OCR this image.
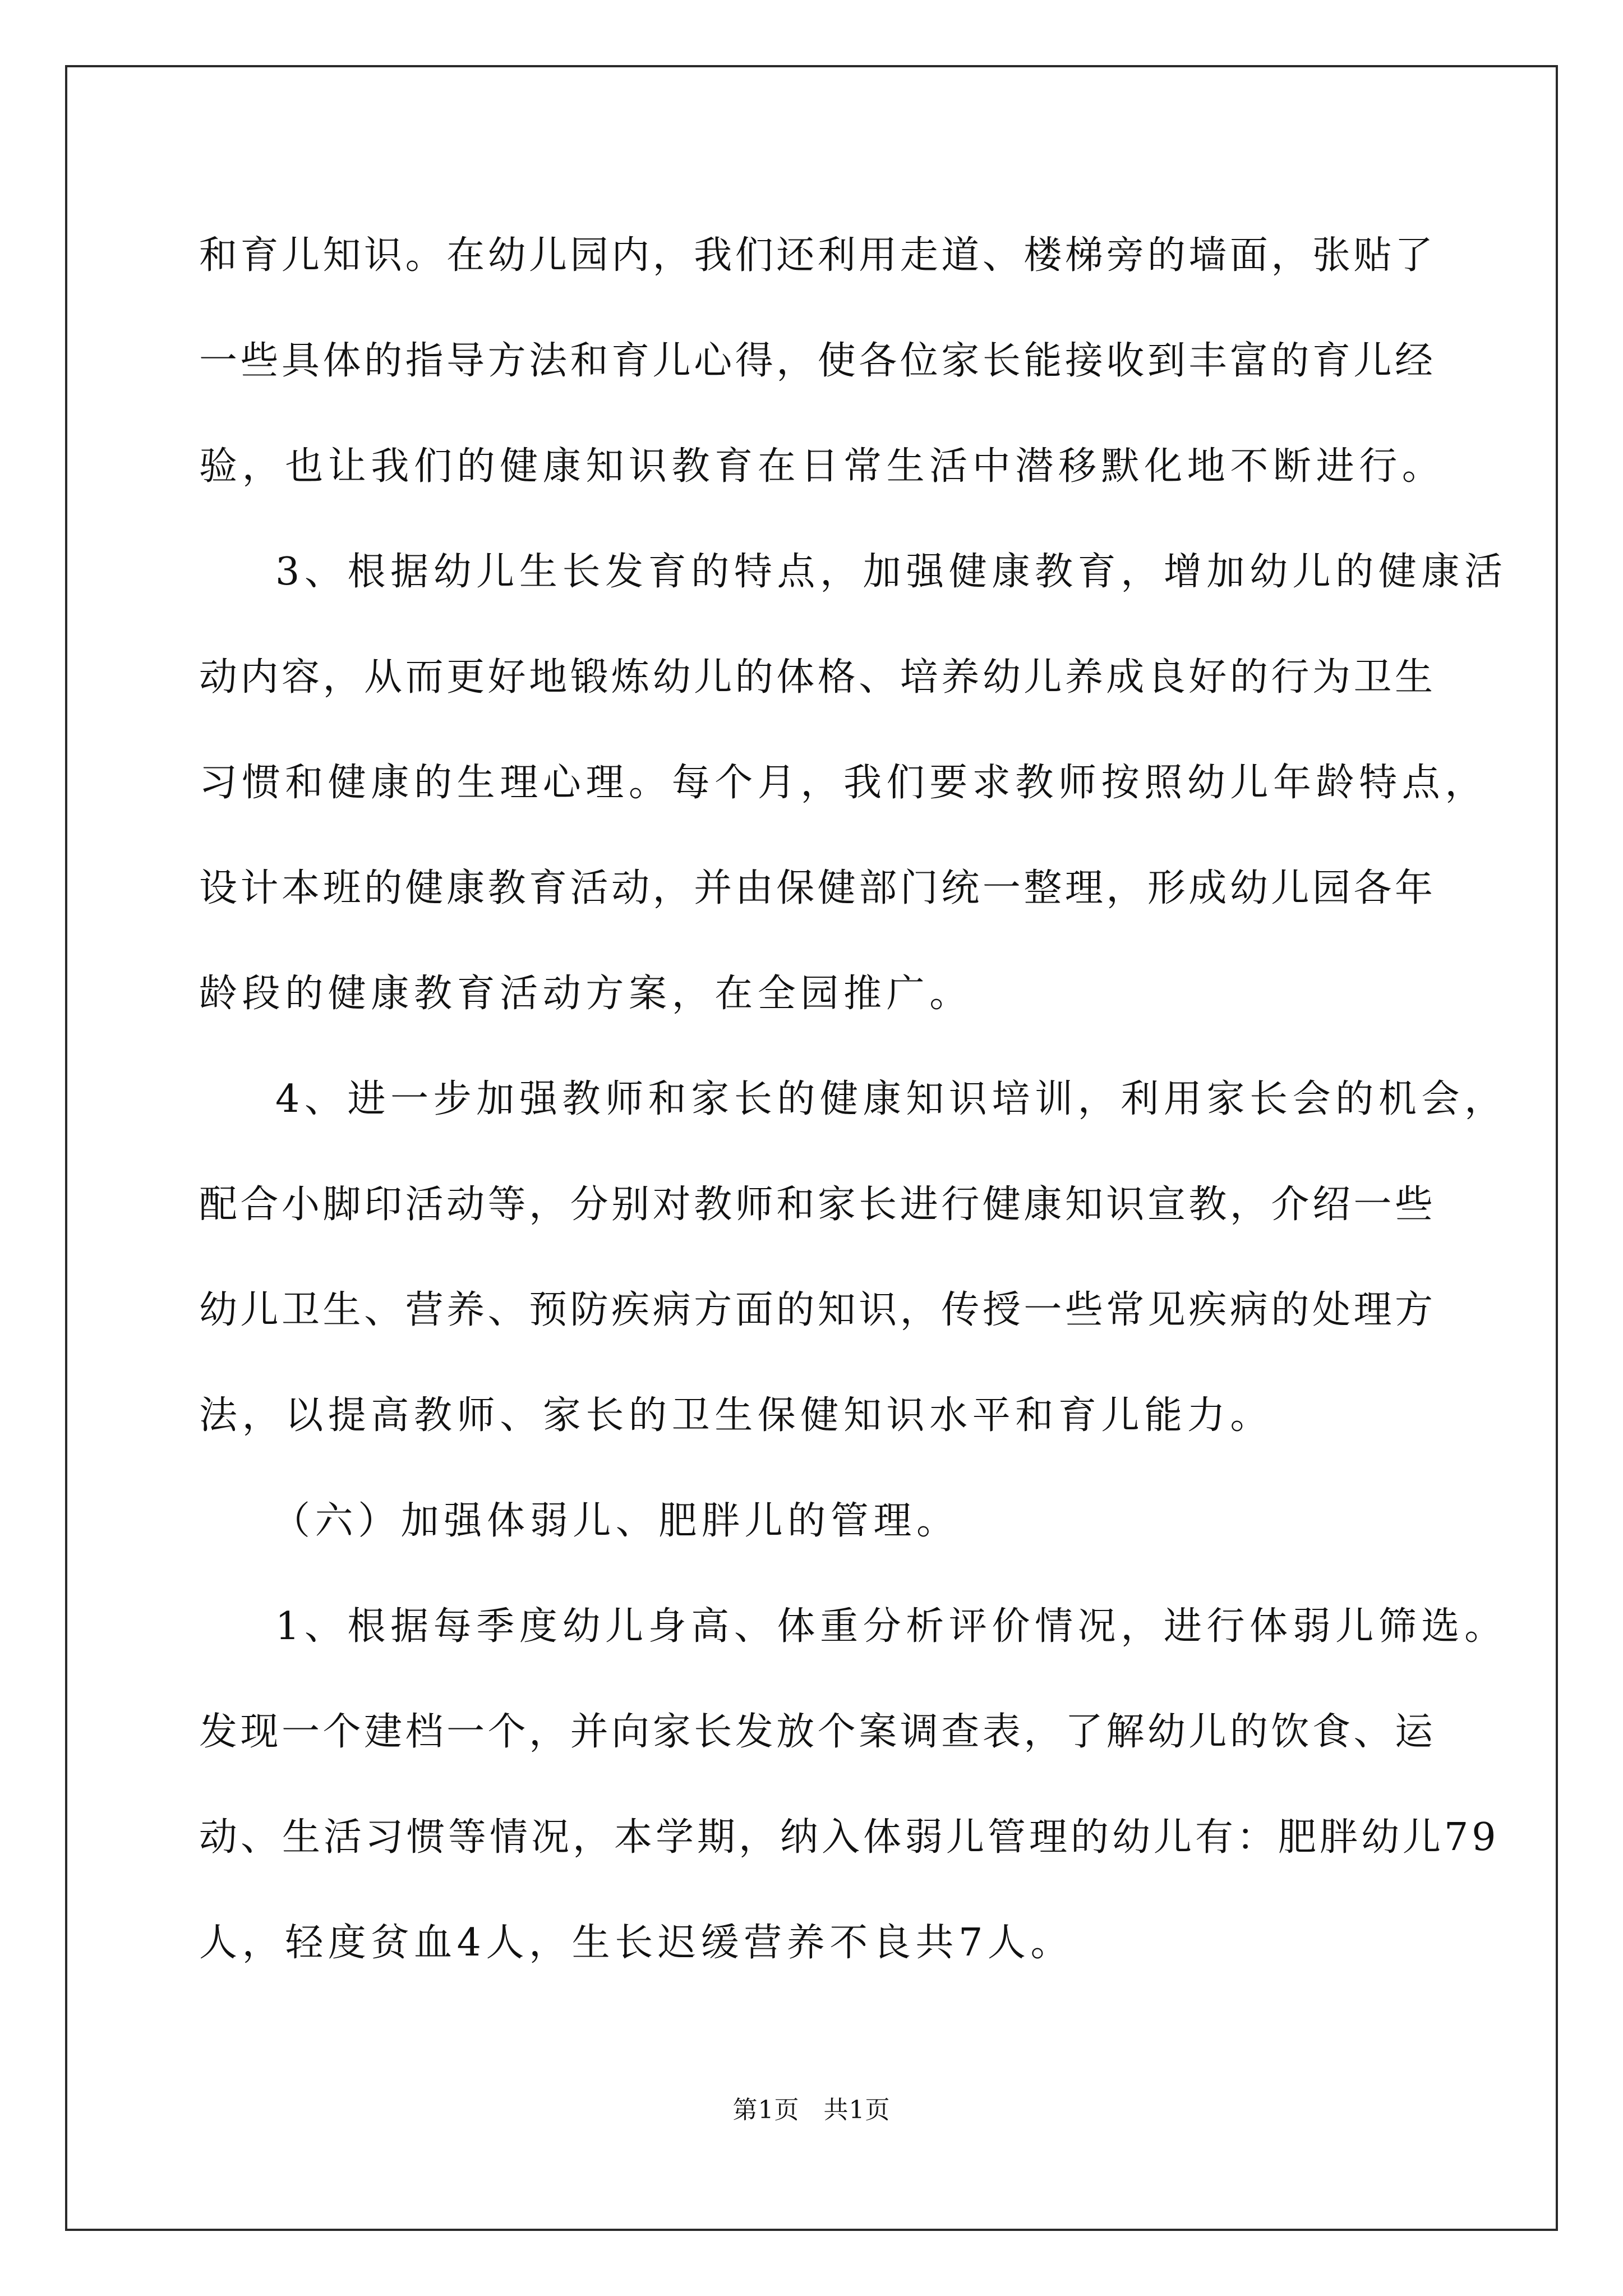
和育儿知识。在幼儿园内，我们还利用走道、楼梯旁的墙面，张贴了
一些具体的指导方法和育儿心得，使各位家长能接收到丰富的育儿经
验，也让我们的健康知识教育在日常生活中潜移默化地不断进行。
3、根据幼儿生长发育的特点，加强健康教育，增加幼儿的健康活
动内容，从而更好地锻炼幼儿的体格、培养幼儿养成良好的行为卫生
习惯和健康的生理心理。每个月，我们要求教师按照幼儿年龄特点，
设计本班的健康教育活动，并由保健部门统一整理，形成幼儿园各年
龄段的健康教育活动方案，在全园推广。
4、进一步加强教师和家长的健康知识培训，利用家长会的机会，
配合小脚印活动等，分别对教师和家长进行健康知识宣教，介绍一些
幼儿卫生、营养、预防疾病方面的知识，传授一些常见疾病的处理方
法，以提高教师、家长的卫生保健知识水平和育儿能力。
（六）加强体弱儿、肥胖儿的管理。
1、根据每季度幼儿身高、体重分析评价情况，进行体弱儿筛选。
发现一个建档一个，并向家长发放个案调查表，了解幼儿的饮食、运
动、生活习惯等情况，本学期，纳入体弱儿管理的幼儿有：肥胖幼儿79
人，轻度贫血4人，生长迟缓营养不良共7人。
第1页 共1页
